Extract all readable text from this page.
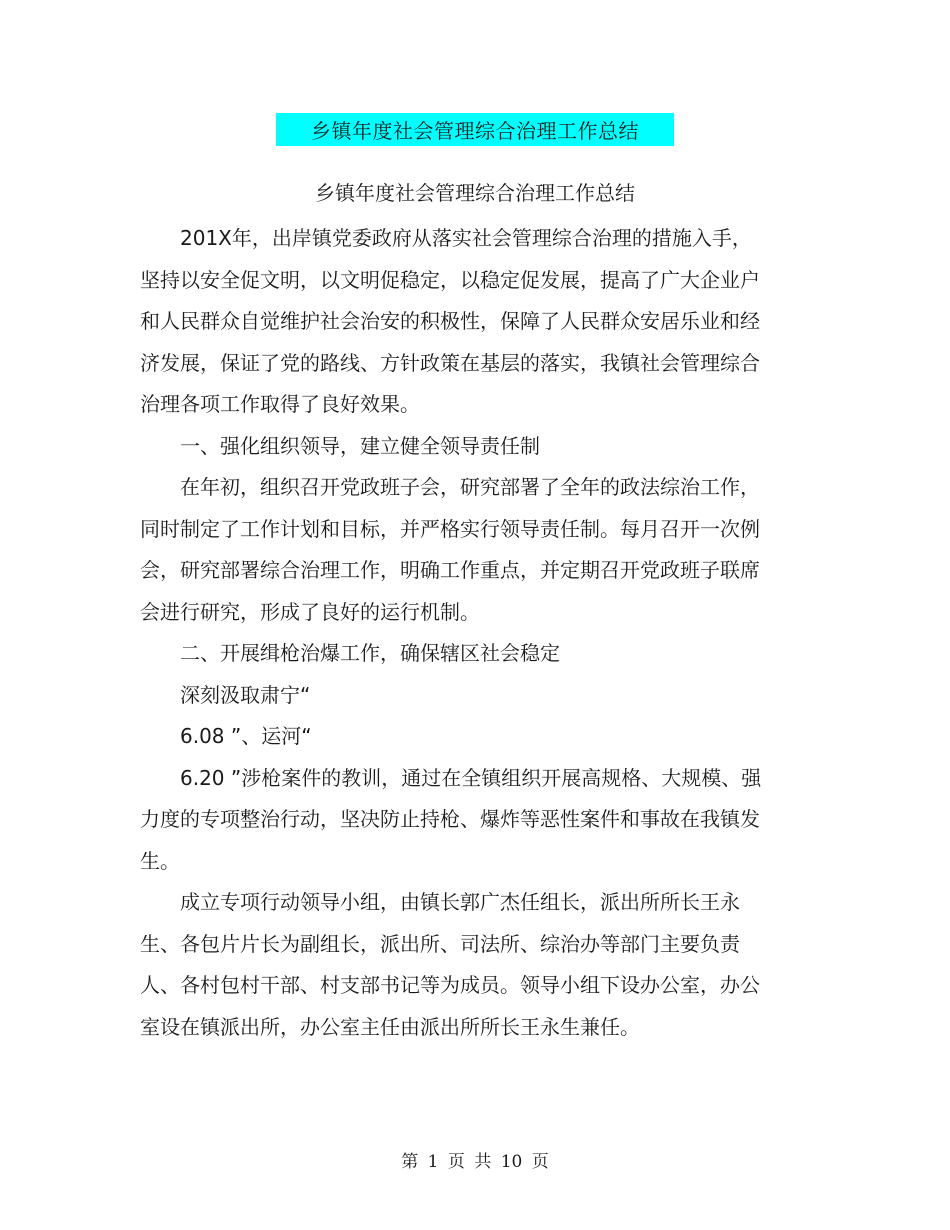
乡镇年度社会管理综合治理工作总结
乡镇年度社会管理综合治理工作总结

201X年，出岸镇党委政府从落实社会管理综合治理的措施入手，坚持以安全促文明，以文明促稳定，以稳定促发展，提高了广大企业户和人民群众自觉维护社会治安的积极性，保障了人民群众安居乐业和经济发展，保证了党的路线、方针政策在基层的落实，我镇社会管理综合治理各项工作取得了良好效果。

一、强化组织领导，建立健全领导责任制

在年初，组织召开党政班子会，研究部署了全年的政法综治工作，同时制定了工作计划和目标，并严格实行领导责任制。每月召开一次例会，研究部署综合治理工作，明确工作重点，并定期召开党政班子联席会进行研究，形成了良好的运行机制。

二、开展缉枪治爆工作，确保辖区社会稳定

深刻汲取肃宁“

6.08 ”、运河“

6.20 ”涉枪案件的教训，通过在全镇组织开展高规格、大规模、强力度的专项整治行动，坚决防止持枪、爆炸等恶性案件和事故在我镇发生。

成立专项行动领导小组，由镇长郭广杰任组长，派出所所长王永生、各包片片长为副组长，派出所、司法所、综治办等部门主要负责人、各村包村干部、村支部书记等为成员。领导小组下设办公室，办公室设在镇派出所，办公室主任由派出所所长王永生兼任。

第 1 页 共 10 页
